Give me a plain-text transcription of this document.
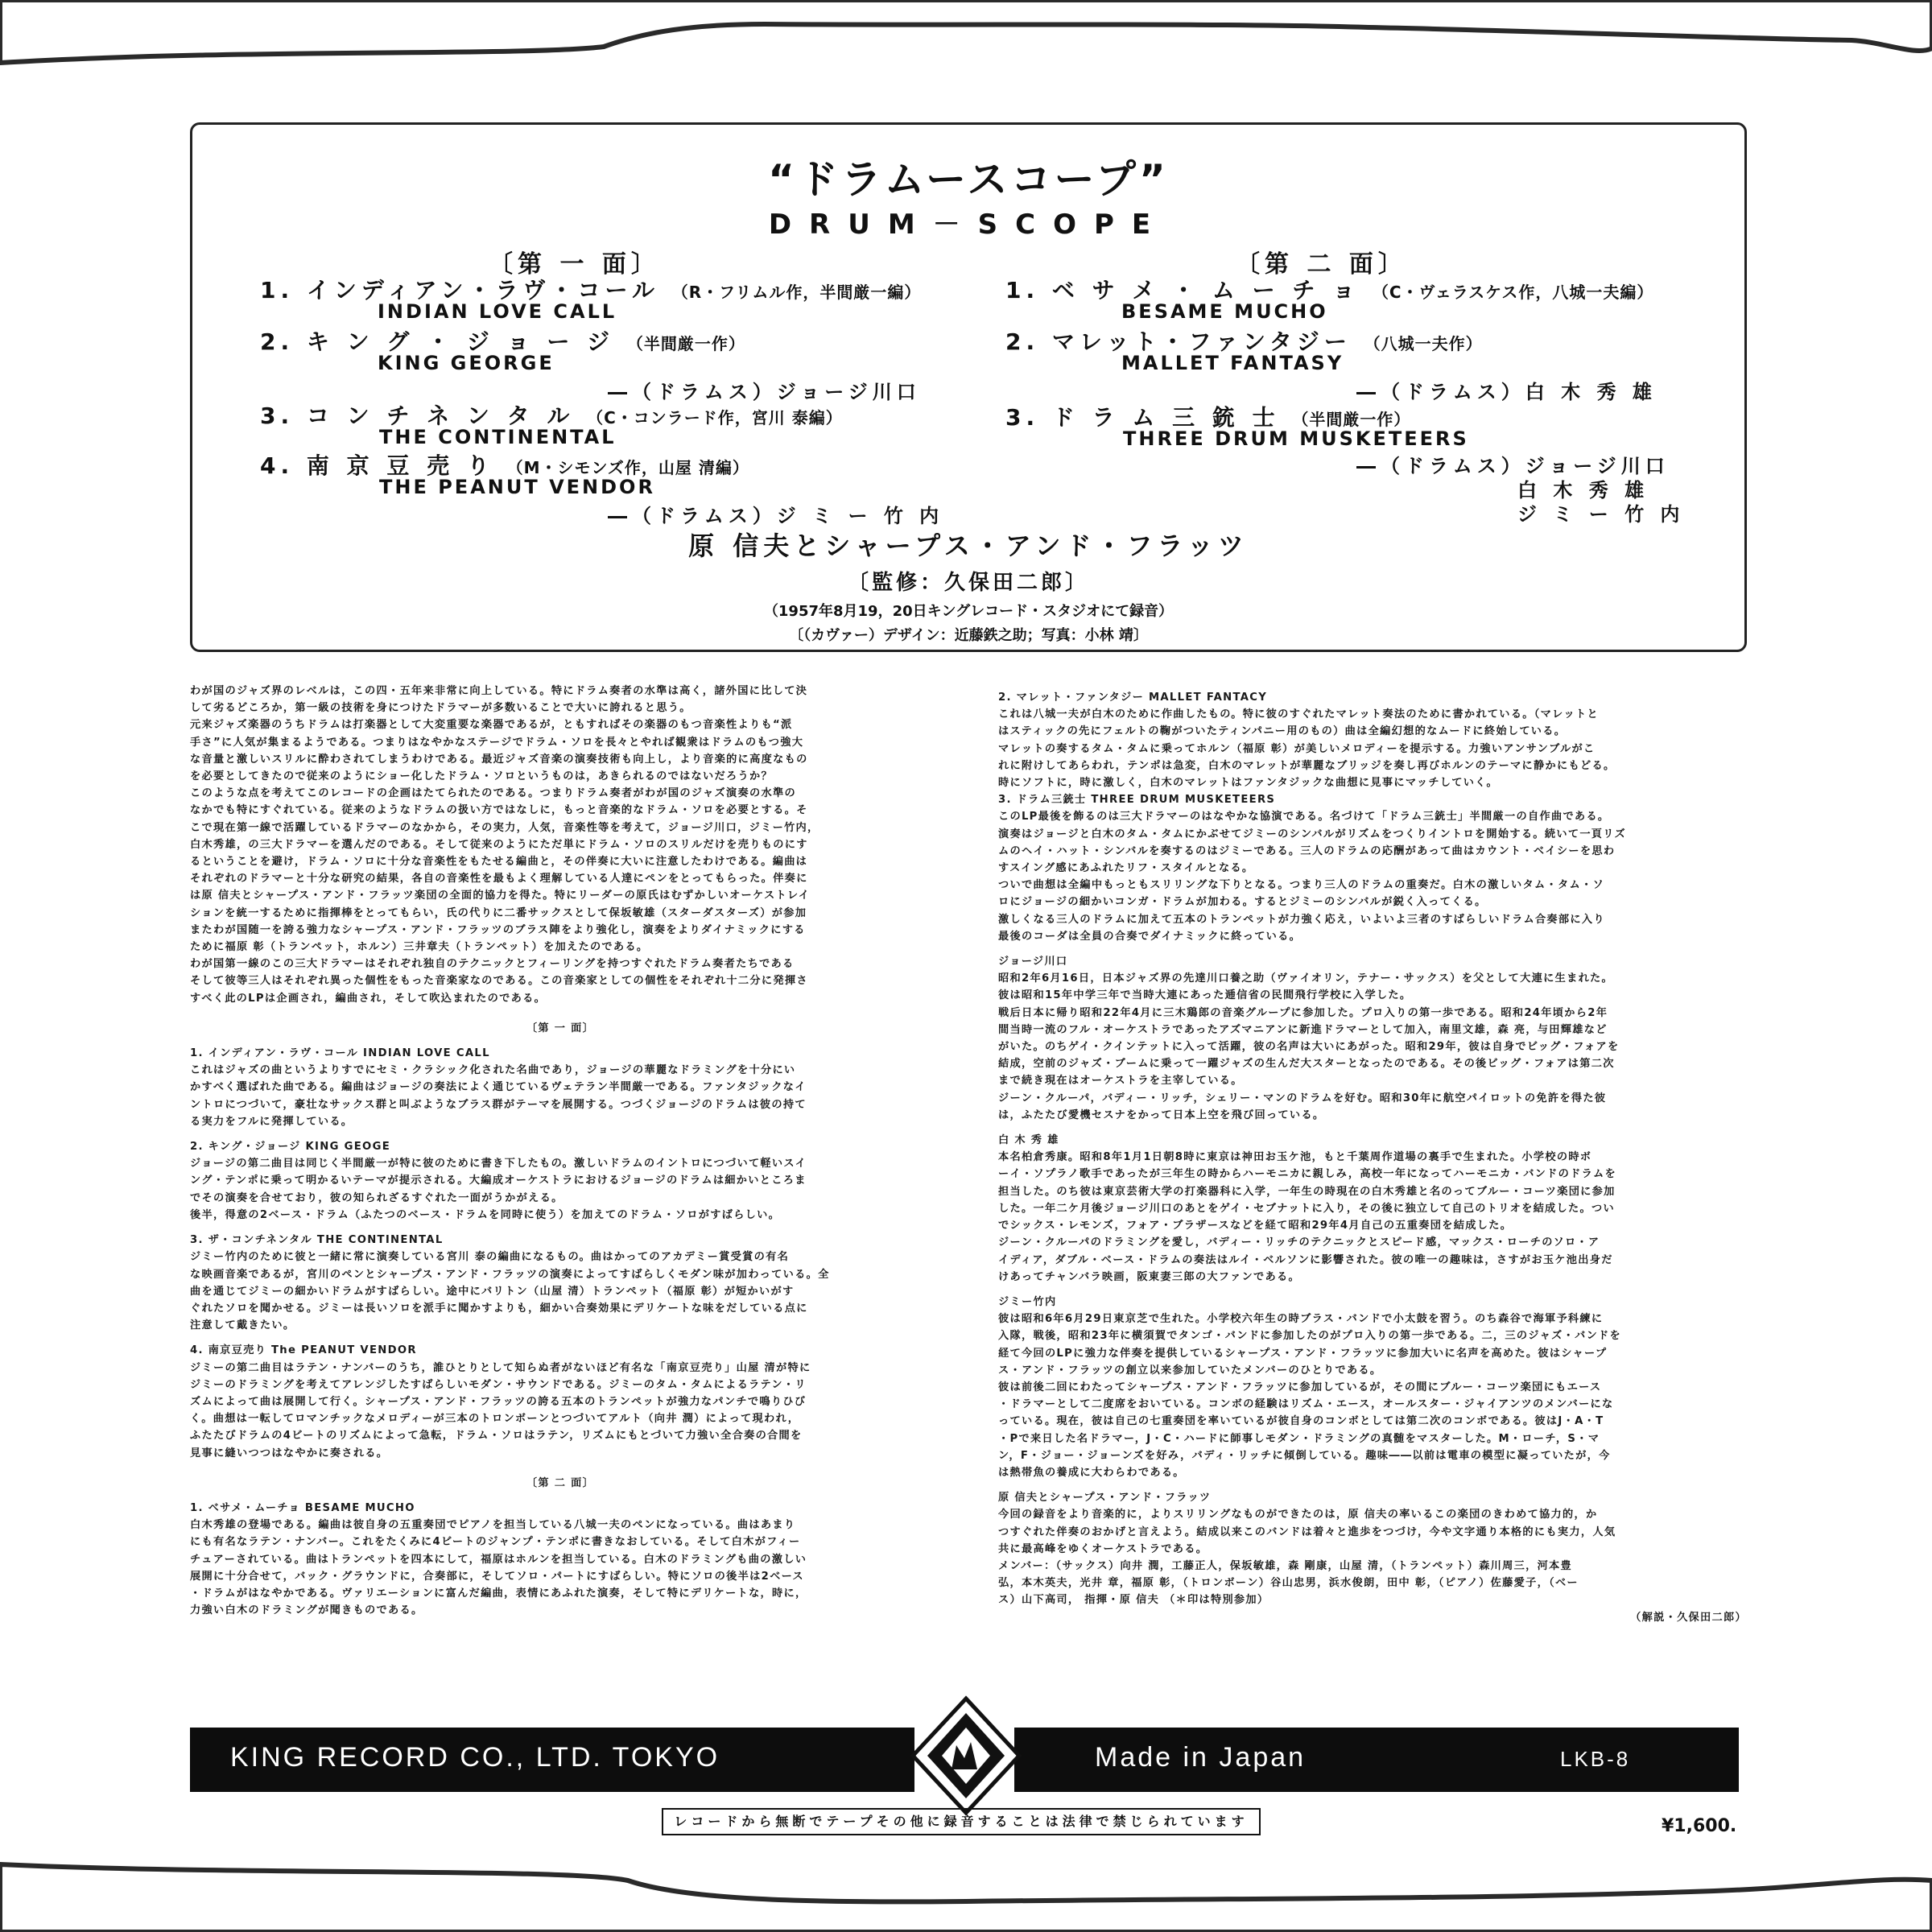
“ドラムースコープ”
DRUM－SCOPE
〔第 一 面〕
1. インディアン・ラヴ・コール （R・フリムル作，半間厳一編）
INDIAN LOVE CALL
2. キ ン グ ・ ジ ョ ー ジ （半間厳一作）
KING GEORGE
―（ドラムス）ジョージ川口
3. コ ン チ ネ ン タ ル （C・コンラード作，宮川 泰編）
THE CONTINENTAL
4. 南 京 豆 売 り （M・シモンズ作，山屋 清編）
THE PEANUT VENDOR
―（ドラムス）ジ ミ ー 竹 内
〔第 二 面〕
1. ベ サ メ ・ ム ー チ ョ （C・ヴェラスケス作，八城一夫編）
BESAME MUCHO
2. マレット・ファンタジー （八城一夫作）
MALLET FANTASY
―（ドラムス）白 木 秀 雄
3. ド ラ ム 三 銃 士 （半間厳一作）
THREE DRUM MUSKETEERS
―（ドラムス）ジョージ川口
白 木 秀 雄
ジ ミ ー 竹 内
原 信夫とシャープス・アンド・フラッツ
〔監修：久保田二郎〕
（1957年8月19，20日キングレコード・スタジオにて録音）
〔（カヴァー）デザイン：近藤鉄之助；写真：小林 靖〕

わが国のジャズ界のレベルは，この四・五年来非常に向上している。特にドラム奏者の水準は高く，諸外国に比して決

して劣るどころか，第一級の技術を身につけたドラマーが多数いることで大いに誇れると思う。

元来ジャズ楽器のうちドラムは打楽器として大変重要な楽器であるが，ともすればその楽器のもつ音楽性よりも“派

手さ”に人気が集まるようである。つまりはなやかなステージでドラム・ソロを長々とやれば観衆はドラムのもつ強大

な音量と激しいスリルに酔わされてしまうわけである。最近ジャズ音楽の演奏技術も向上し，より音楽的に高度なもの

を必要としてきたので従来のようにショー化したドラム・ソロというものは，あきられるのではないだろうか？

このような点を考えてこのレコードの企画はたてられたのである。つまりドラム奏者がわが国のジャズ演奏の水準の

なかでも特にすぐれている。従来のようなドラムの扱い方ではなしに，もっと音楽的なドラム・ソロを必要とする。そ

こで現在第一線で活躍しているドラマーのなかから，その実力，人気，音楽性等を考えて，ジョージ川口，ジミー竹内，

白木秀雄，の三大ドラマーを選んだのである。そして従来のようにただ単にドラム・ソロのスリルだけを売りものにす

るということを避け，ドラム・ソロに十分な音楽性をもたせる編曲と，その伴奏に大いに注意したわけである。編曲は

それぞれのドラマーと十分な研究の結果，各自の音楽性を最もよく理解している人達にペンをとってもらった。伴奏に

は原 信夫とシャープス・アンド・フラッツ楽団の全面的協力を得た。特にリーダーの原氏はむずかしいオーケストレイ

ションを統一するために指揮棒をとってもらい，氏の代りに二番サックスとして保坂敏雄（スターダスターズ）が参加

またわが国随一を誇る強力なシャープス・アンド・フラッツのブラス陣をより強化し，演奏をよりダイナミックにする

ために福原 彰（トランペット，ホルン）三井章夫（トランペット）を加えたのである。

わが国第一線のこの三大ドラマーはそれぞれ独自のテクニックとフィーリングを持つすぐれたドラム奏者たちである

そして彼等三人はそれぞれ異った個性をもった音楽家なのである。この音楽家としての個性をそれぞれ十二分に発揮さ

すべく此のLPは企画され，編曲され，そして吹込まれたのである。

〔第 一 面〕

1. インディアン・ラヴ・コール INDIAN LOVE CALL

これはジャズの曲というよりすでにセミ・クラシック化された名曲であり，ジョージの華麗なドラミングを十分にい

かすべく選ばれた曲である。編曲はジョージの奏法によく通じているヴェテラン半間厳一である。ファンタジックなイ

ントロにつづいて，豪壮なサックス群と叫ぶようなブラス群がテーマを展開する。つづくジョージのドラムは彼の持て

る実力をフルに発揮している。

2. キング・ジョージ KING GEOGE

ジョージの第二曲目は同じく半間厳一が特に彼のために書き下したもの。激しいドラムのイントロにつづいて軽いスイ

ング・テンポに乗って明かるいテーマが提示される。大編成オーケストラにおけるジョージのドラムは細かいところま

でその演奏を合せており，彼の知られざるすぐれた一面がうかがえる。

後半，得意の2ベース・ドラム（ふたつのベース・ドラムを同時に使う）を加えてのドラム・ソロがすばらしい。

3. ザ・コンチネンタル THE CONTINENTAL

ジミー竹内のために彼と一緒に常に演奏している宮川 泰の編曲になるもの。曲はかってのアカデミー賞受賞の有名

な映画音楽であるが，宮川のペンとシャープス・アンド・フラッツの演奏によってすばらしくモダン味が加わっている。全

曲を通じてジミーの細かいドラムがすばらしい。途中にバリトン（山屋 清）トランペット（福原 彰）が短かいがす

ぐれたソロを聞かせる。ジミーは長いソロを派手に聞かすよりも，細かい合奏効果にデリケートな味をだしている点に

注意して戴きたい。

4. 南京豆売り The PEANUT VENDOR

ジミーの第二曲目はラテン・ナンバーのうち，誰ひとりとして知らぬ者がないほど有名な「南京豆売り」山屋 清が特に

ジミーのドラミングを考えてアレンジしたすばらしいモダン・サウンドである。ジミーのタム・タムによるラテン・リ

ズムによって曲は展開して行く。シャープス・アンド・フラッツの誇る五本のトランペットが強力なパンチで鳴りひび

く。曲想は一転してロマンチックなメロディーが三本のトロンボーンとつづいてアルト（向井 潤）によって現われ，

ふたたびドラムの4ビートのリズムによって急転，ドラム・ソロはラテン，リズムにもとづいて力強い全合奏の合間を

見事に縫いつつはなやかに奏される。

〔第 二 面〕

1. ベサメ・ムーチョ BESAME MUCHO

白木秀雄の登場である。編曲は彼自身の五重奏団でピアノを担当している八城一夫のペンになっている。曲はあまり

にも有名なラテン・ナンバー。これをたくみに4ビートのジャンプ・テンポに書きなおしている。そして白木がフィー

チュアーされている。曲はトランペットを四本にして，福原はホルンを担当している。白木のドラミングも曲の激しい

展開に十分合せて，バック・グラウンドに，合奏部に，そしてソロ・パートにすばらしい。特にソロの後半は2ベース

・ドラムがはなやかである。ヴァリエーションに富んだ編曲，表情にあふれた演奏，そして特にデリケートな，時に，

力強い白木のドラミングが聞きものである。

2. マレット・ファンタジー MALLET FANTACY

これは八城一夫が白木のために作曲したもの。特に彼のすぐれたマレット奏法のために書かれている。（マレットと

はスティックの先にフェルトの鞠がついたティンパニー用のもの）曲は全編幻想的なムードに終始している。

マレットの奏するタム・タムに乗ってホルン（福原 彰）が美しいメロディーを提示する。力強いアンサンブルがこ

れに附けしてあらわれ，テンポは急変，白木のマレットが華麗なブリッジを奏し再びホルンのテーマに静かにもどる。

時にソフトに，時に激しく，白木のマレットはファンタジックな曲想に見事にマッチしていく。

3. ドラム三銃士 THREE DRUM MUSKETEERS

このLP最後を飾るのは三大ドラマーのはなやかな協演である。名づけて「ドラム三銃士」半間厳一の自作曲である。

演奏はジョージと白木のタム・タムにかぶせてジミーのシンバルがリズムをつくりイントロを開始する。続いて一頁リズ

ムのヘイ・ハット・シンバルを奏するのはジミーである。三人のドラムの応酬があって曲はカウント・ベイシーを思わ

すスイング感にあふれたリフ・スタイルとなる。

ついで曲想は全編中もっともスリリングな下りとなる。つまり三人のドラムの重奏だ。白木の激しいタム・タム・ソ

ロにジョージの細かいコンガ・ドラムが加わる。するとジミーのシンバルが鋭く入ってくる。

激しくなる三人のドラムに加えて五本のトランペットが力強く応え，いよいよ三者のすばらしいドラム合奏部に入り

最後のコーダは全員の合奏でダイナミックに終っている。

ジョージ川口

昭和2年6月16日，日本ジャズ界の先達川口養之助（ヴァイオリン，テナー・サックス）を父として大連に生まれた。

彼は昭和15年中学三年で当時大連にあった逓信省の民間飛行学校に入学した。

戦后日本に帰り昭和22年4月に三木鶏郎の音楽グループに参加した。プロ入りの第一歩である。昭和24年頃から2年

間当時一流のフル・オーケストラであったアズマニアンに新進ドラマーとして加入，南里文雄，森 亮，与田輝雄など

がいた。のちゲイ・クインテットに入って活躍，彼の名声は大いにあがった。昭和29年，彼は自身でビッグ・フォアを

結成，空前のジャズ・ブームに乗って一躍ジャズの生んだ大スターとなったのである。その後ビッグ・フォアは第二次

まで続き現在はオーケストラを主宰している。

ジーン・クルーパ，バディー・リッチ，シェリー・マンのドラムを好む。昭和30年に航空パイロットの免許を得た彼

は，ふたたび愛機セスナをかって日本上空を飛び回っている。

白 木 秀 雄

本名柏倉秀康。昭和8年1月1日朝8時に東京は神田お玉ケ池，もと千葉周作道場の裏手で生まれた。小学校の時ボ

ーイ・ソプラノ歌手であったが三年生の時からハーモニカに親しみ，高校一年になってハーモニカ・バンドのドラムを

担当した。のち彼は東京芸術大学の打楽器科に入学，一年生の時現在の白木秀雄と名のってブルー・コーツ楽団に参加

した。一年二ケ月後ジョージ川口のあとをゲイ・セブナットに入り，その後に独立して自己のトリオを結成した。つい

でシックス・レモンズ，フォア・ブラザースなどを経て昭和29年4月自己の五重奏団を結成した。

ジーン・クルーパのドラミングを愛し，バディー・リッチのテクニックとスピード感，マックス・ローチのソロ・ア

イディア，ダブル・ベース・ドラムの奏法はルイ・ベルソンに影響された。彼の唯一の趣味は，さすがお玉ケ池出身だ

けあってチャンバラ映画，阪東妻三郎の大ファンである。

ジミー竹内

彼は昭和6年6月29日東京芝で生れた。小学校六年生の時ブラス・バンドで小太鼓を習う。のち森谷で海軍予科練に

入隊，戦後，昭和23年に横須賀でタンゴ・バンドに参加したのがプロ入りの第一歩である。二，三のジャズ・バンドを

経て今回のLPに強力な伴奏を提供しているシャープス・アンド・フラッツに参加大いに名声を高めた。彼はシャープ

ス・アンド・フラッツの創立以来参加していたメンバーのひとりである。

彼は前後二回にわたってシャープス・アンド・フラッツに参加しているが，その間にブルー・コーツ楽団にもエース

・ドラマーとして二度席をおいている。コンボの経験はリズム・エース，オールスター・ジャイアンツのメンバーにな

っている。現在，彼は自己の七重奏団を率いているが彼自身のコンボとしては第二次のコンボである。彼はJ・A・T

・Pで来日した名ドラマー，J・C・ハードに師事しモダン・ドラミングの真髄をマスターした。M・ローチ，S・マ

ン，F・ジョー・ジョーンズを好み，バディ・リッチに傾倒している。趣味――以前は電車の模型に凝っていたが，今

は熱帯魚の養成に大わらわである。

原 信夫とシャープス・アンド・フラッツ

今回の録音をより音楽的に，よりスリリングなものができたのは，原 信夫の率いるこの楽団のきわめて協力的，か

つすぐれた伴奏のおかげと言えよう。結成以来このバンドは着々と進歩をつづけ，今や文字通り本格的にも実力，人気

共に最高峰をゆくオーケストラである。

メンバー：（サックス）向井 潤，工藤正人，保坂敏雄，森 剛康，山屋 清，（トランペット）森川周三，河本豊

弘，本木英夫，光井 章，福原 彰，（トロンボーン）谷山忠男，浜水俊朗，田中 彰，（ピアノ）佐藤愛子，（ベー

ス）山下高司， 指揮・原 信夫 （＊印は特別参加）

（解説・久保田二郎）

KING RECORD CO., LTD. TOKYO	Made in Japan	LKB-8
レコードから無断でテープその他に録音することは法律で禁じられています	¥1,600.
